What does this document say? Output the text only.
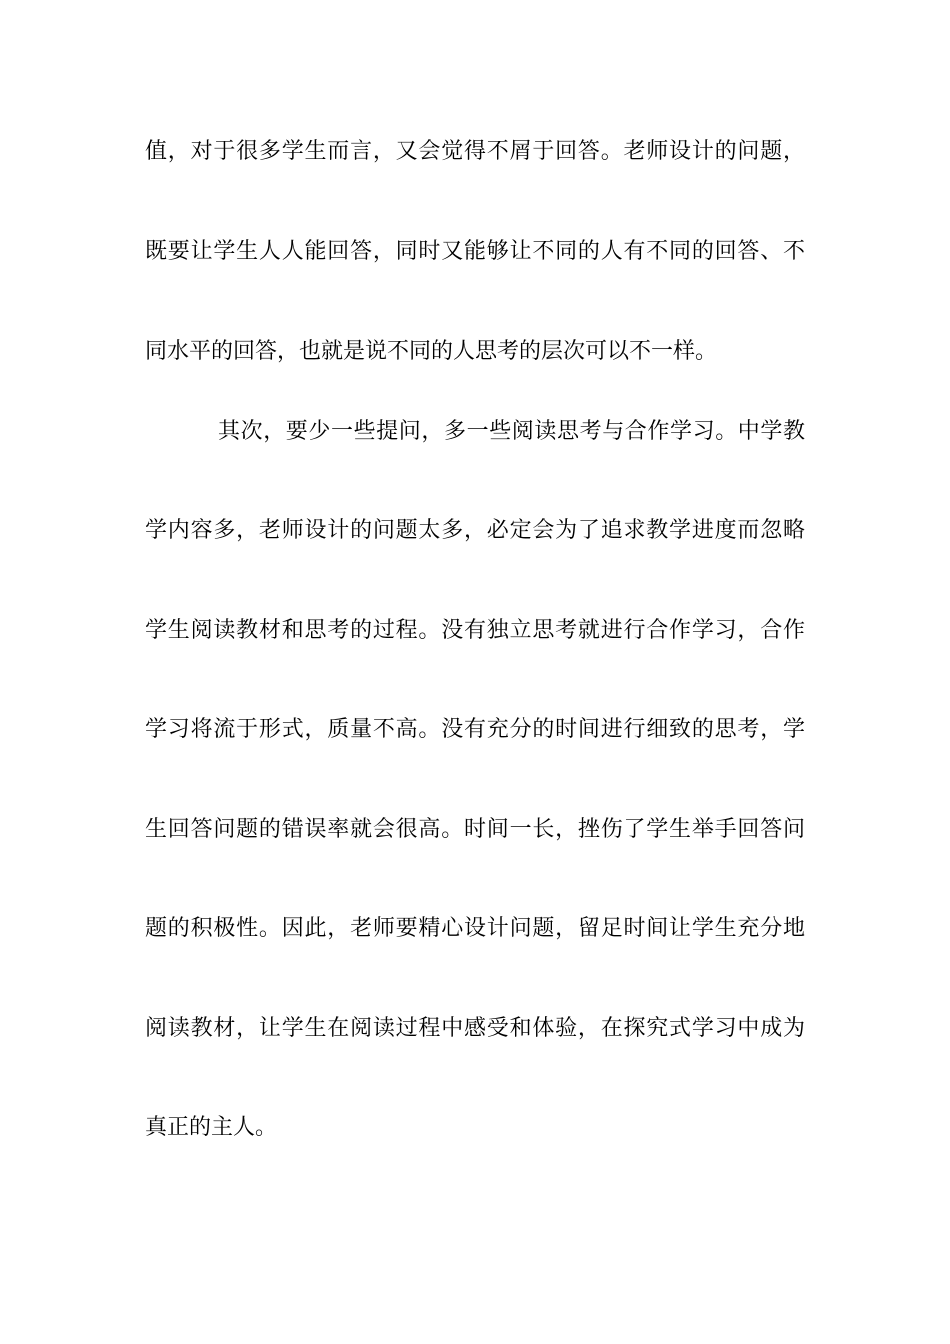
值，对于很多学生而言，又会觉得不屑于回答。老师设计的问题，
既要让学生人人能回答，同时又能够让不同的人有不同的回答、不
同水平的回答，也就是说不同的人思考的层次可以不一样。
其次，要少一些提问，多一些阅读思考与合作学习。中学教
学内容多，老师设计的问题太多，必定会为了追求教学进度而忽略
学生阅读教材和思考的过程。没有独立思考就进行合作学习，合作
学习将流于形式，质量不高。没有充分的时间进行细致的思考，学
生回答问题的错误率就会很高。时间一长，挫伤了学生举手回答问
题的积极性。因此，老师要精心设计问题，留足时间让学生充分地
阅读教材，让学生在阅读过程中感受和体验，在探究式学习中成为
真正的主人。
